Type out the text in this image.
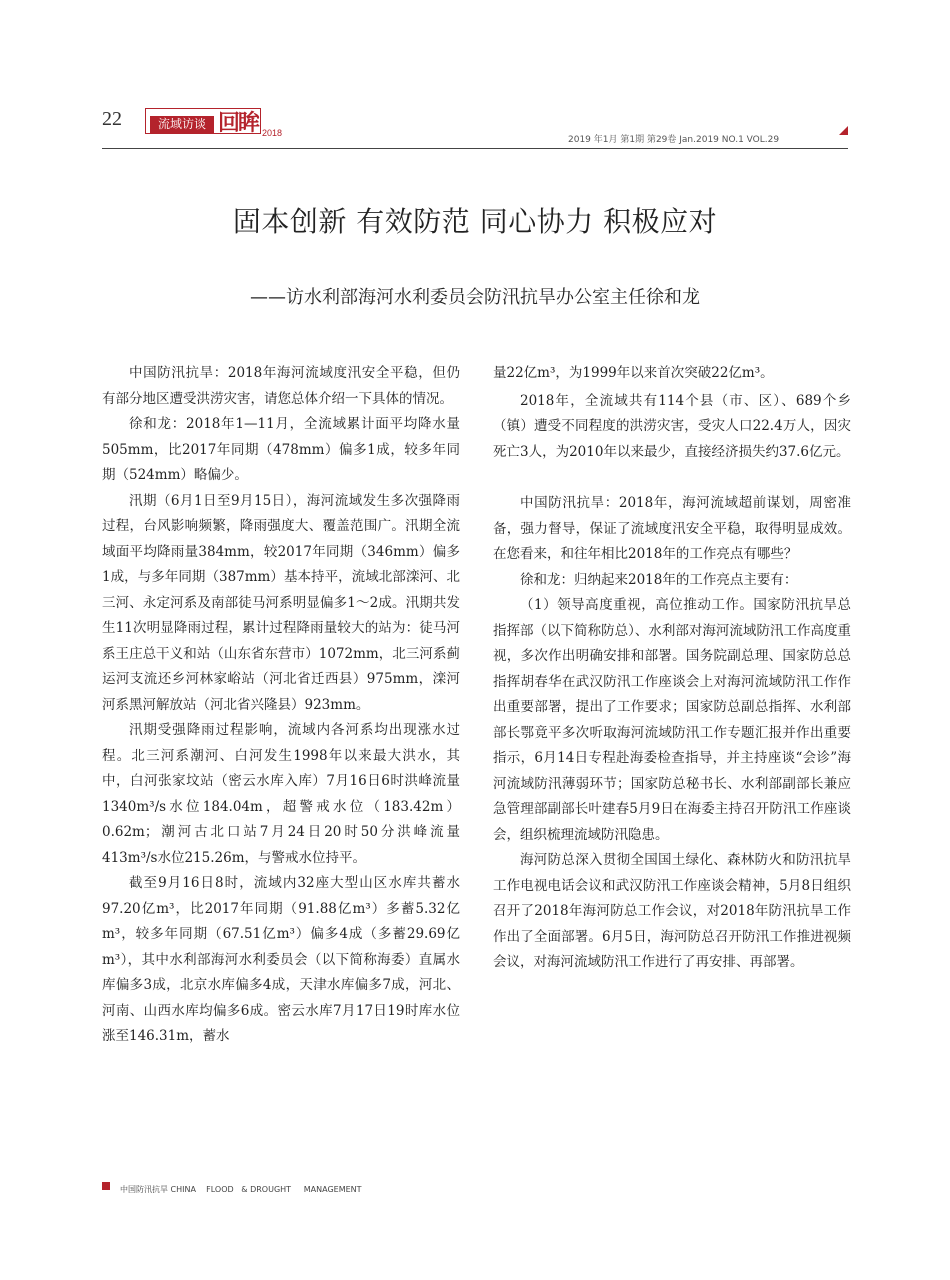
22	流域访谈 回眸 2018
2019 年1月 第1期 第29卷 Jan.2019 NO.1 VOL.29
固本创新 有效防范 同心协力 积极应对
——访水利部海河水利委员会防汛抗旱办公室主任徐和龙

中国防汛抗旱：2018年海河流域度汛安全平稳，但仍有部分地区遭受洪涝灾害，请您总体介绍一下具体的情况。

徐和龙：2018年1—11月，全流域累计面平均降水量505mm，比2017年同期（478mm）偏多1成，较多年同期（524mm）略偏少。

汛期（6月1日至9月15日），海河流域发生多次强降雨过程，台风影响频繁，降雨强度大、覆盖范围广。汛期全流域面平均降雨量384mm，较2017年同期（346mm）偏多1成，与多年同期（387mm）基本持平，流域北部滦河、北三河、永定河系及南部徒马河系明显偏多1～2成。汛期共发生11次明显降雨过程，累计过程降雨量较大的站为：徒马河系王庄总干义和站（山东省东营市）1072mm，北三河系蓟运河支流还乡河林家峪站（河北省迁西县）975mm，滦河河系黑河解放站（河北省兴隆县）923mm。

汛期受强降雨过程影响，流域内各河系均出现涨水过程。北三河系潮河、白河发生1998年以来最大洪水，其中，白河张家坟站（密云水库入库）7月16日6时洪峰流量1340m³/s水位184.04m，超警戒水位（183.42m）0.62m；潮河古北口站7月24日20时50分洪峰流量413m³/s水位215.26m，与警戒水位持平。

截至9月16日8时，流域内32座大型山区水库共蓄水97.20亿m³，比2017年同期（91.88亿m³）多蓄5.32亿m³，较多年同期（67.51亿m³）偏多4成（多蓄29.69亿m³），其中水利部海河水利委员会（以下简称海委）直属水库偏多3成，北京水库偏多4成，天津水库偏多7成，河北、河南、山西水库均偏多6成。密云水库7月17日19时库水位涨至146.31m，蓄水

量22亿m³，为1999年以来首次突破22亿m³。

2018年，全流域共有114个县（市、区）、689个乡（镇）遭受不同程度的洪涝灾害，受灾人口22.4万人，因灾死亡3人，为2010年以来最少，直接经济损失约37.6亿元。

中国防汛抗旱：2018年，海河流域超前谋划，周密准备，强力督导，保证了流域度汛安全平稳，取得明显成效。在您看来，和往年相比2018年的工作亮点有哪些？

徐和龙：归纳起来2018年的工作亮点主要有：

（1）领导高度重视，高位推动工作。国家防汛抗旱总指挥部（以下简称防总）、水利部对海河流域防汛工作高度重视，多次作出明确安排和部署。国务院副总理、国家防总总指挥胡春华在武汉防汛工作座谈会上对海河流域防汛工作作出重要部署，提出了工作要求；国家防总副总指挥、水利部部长鄂竟平多次听取海河流域防汛工作专题汇报并作出重要指示，6月14日专程赴海委检查指导，并主持座谈“会诊”海河流域防汛薄弱环节；国家防总秘书长、水利部副部长兼应急管理部副部长叶建春5月9日在海委主持召开防汛工作座谈会，组织梳理流域防汛隐患。

海河防总深入贯彻全国国土绿化、森林防火和防汛抗旱工作电视电话会议和武汉防汛工作座谈会精神，5月8日组织召开了2018年海河防总工作会议，对2018年防汛抗旱工作作出了全面部署。6月5日，海河防总召开防汛工作推进视频会议，对海河流域防汛工作进行了再安排、再部署。

中国防汛抗旱 CHINA    FLOOD   & DROUGHT     MANAGEMENT
